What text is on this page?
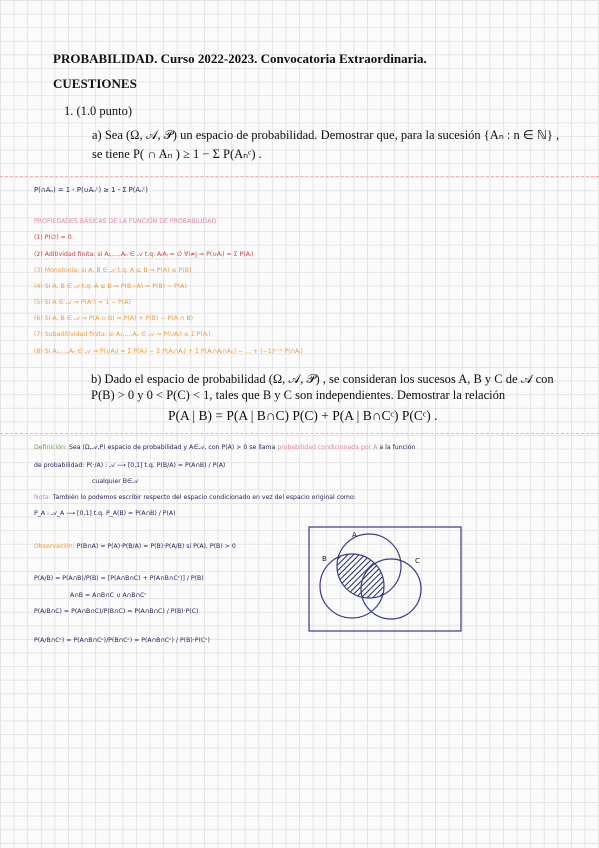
PROBABILIDAD. Curso 2022-2023. Convocatoria Extraordinaria.
CUESTIONES
1. (1.0 punto)
a) Sea (Ω, 𝒜, 𝒫) un espacio de probabilidad. Demostrar que, para la sucesión {Aₙ : n ∈ ℕ} ,
se tiene P( ∩ Aₙ ) ≥ 1 − Σ P(Aₙᶜ) .
P(∩Aₙ) = 1 - P(∪Aₙᶜ) ≥ 1 - Σ P(Aₙᶜ)
PROPIEDADES BÁSICAS DE LA FUNCIÓN DE PROBABILIDAD
(1) P(∅) = 0
(2) Aditividad finita: si A₁,...,Aₙ ∈ 𝒜 t.q. AᵢAⱼ = ∅ ∀i≠j ⇒ P(∪Aᵢ) = Σ P(Aᵢ)
(3) Monotonía: si A, B ∈ 𝒜 t.q. A ⊆ B ⇒ P(A) ≤ P(B)
(4) Si A, B ∈ 𝒜 t.q. A ⊆ B ⇒ P(B−A) = P(B) − P(A)
(5) Si A ∈ 𝒜 ⇒ P(Aᶜ) = 1 − P(A)
(6) Si A, B ∈ 𝒜 ⇒ P(A ∪ B) = P(A) + P(B) − P(A ∩ B)
(7) Subaditividad finita: si A₁,...,Aₙ ∈ 𝒜 ⇒ P(∪Aᵢ) ≤ Σ P(Aᵢ)
(8) Si A₁,...,Aₙ ∈ 𝒜 ⇒ P(∪Aᵢ) = Σ P(Aᵢ) − Σ P(Aᵢ∩Aⱼ) + Σ P(Aᵢ∩Aⱼ∩Aₖ) − ... + (−1)ⁿ⁺¹ P(∩Aᵢ)
b) Dado el espacio de probabilidad (Ω, 𝒜, 𝒫) , se consideran los sucesos A, B y C de 𝒜 con
P(B) > 0 y 0 < P(C) < 1, tales que B y C son independientes. Demostrar la relación
P(A | B) = P(A | B∩C) P(C) + P(A | B∩Cᶜ) P(Cᶜ) .
Definición: Sea (Ω,𝒜,P) espacio de probabilidad y A∈𝒜, con P(A) > 0 se llama probabilidad condicionada por A a la función
de probabilidad: P(·/A) : 𝒜 ⟶ [0,1] t.q. P(B/A) = P(A∩B) / P(A)
cualquier B∈𝒜
Nota: También lo podemos escribir respecto del espacio condicionado en vez del espacio original como:
P_A : 𝒜_A ⟶ [0,1] t.q. P_A(B) = P(A∩B) / P(A)
Observación: P(B∩A) = P(A)·P(B/A) = P(B)·P(A/B) si P(A), P(B) > 0
P(A/B) = P(A∩B)/P(B) = [P(A∩B∩C) + P(A∩B∩Cᶜ)] / P(B)
A∩B = A∩B∩C ∪ A∩B∩Cᶜ
P(A/B∩C) = P(A∩B∩C)/P(B∩C) = P(A∩B∩C) / P(B)·P(C)
P(A/B∩Cᶜ) = P(A∩B∩Cᶜ)/P(B∩Cᶜ) = P(A∩B∩Cᶜ) / P(B)·P(Cᶜ)
A
B	C
